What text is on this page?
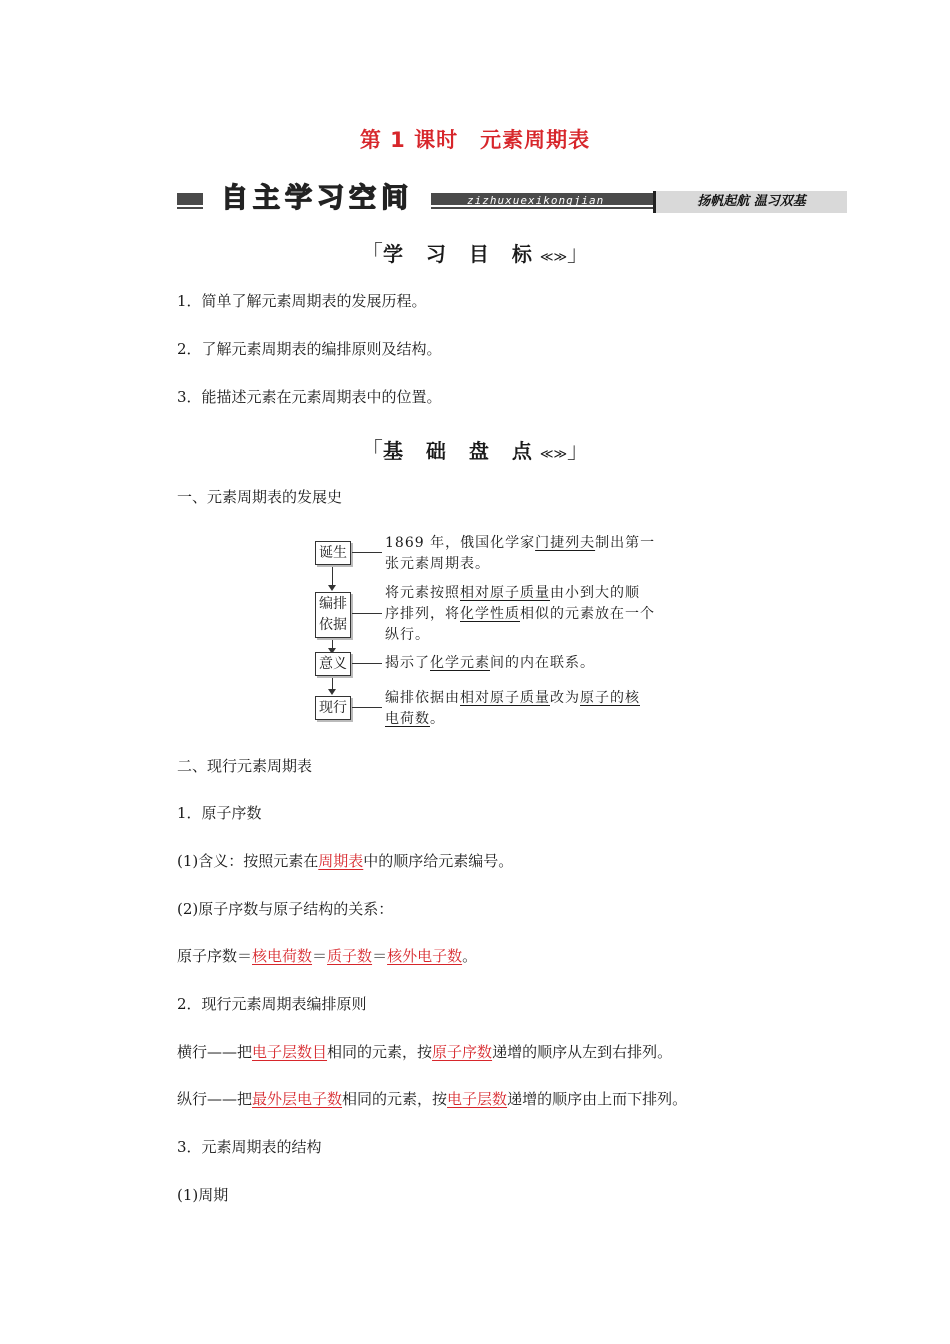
第 1 课时　元素周期表
自主学习空间	zizhuxuexikongjian	扬帆起航 温习双基
「学 习 目 标≪≫」
1．简单了解元素周期表的发展历程。
2．了解元素周期表的编排原则及结构。
3．能描述元素在元素周期表中的位置。
「基 础 盘 点≪≫」
一、元素周期表的发展史
诞生
编排
依据
意义
现行
1869 年，俄国化学家门捷列夫制出第一
张元素周期表。
将元素按照相对原子质量由小到大的顺
序排列，将化学性质相似的元素放在一个
纵行。
揭示了化学元素间的内在联系。
编排依据由相对原子质量改为原子的核
电荷数。
二、现行元素周期表
1．原子序数
(1)含义：按照元素在周期表中的顺序给元素编号。
(2)原子序数与原子结构的关系：
原子序数＝核电荷数＝质子数＝核外电子数。
2．现行元素周期表编排原则
横行——把电子层数目相同的元素，按原子序数递增的顺序从左到右排列。
纵行——把最外层电子数相同的元素，按电子层数递增的顺序由上而下排列。
3．元素周期表的结构
(1)周期
